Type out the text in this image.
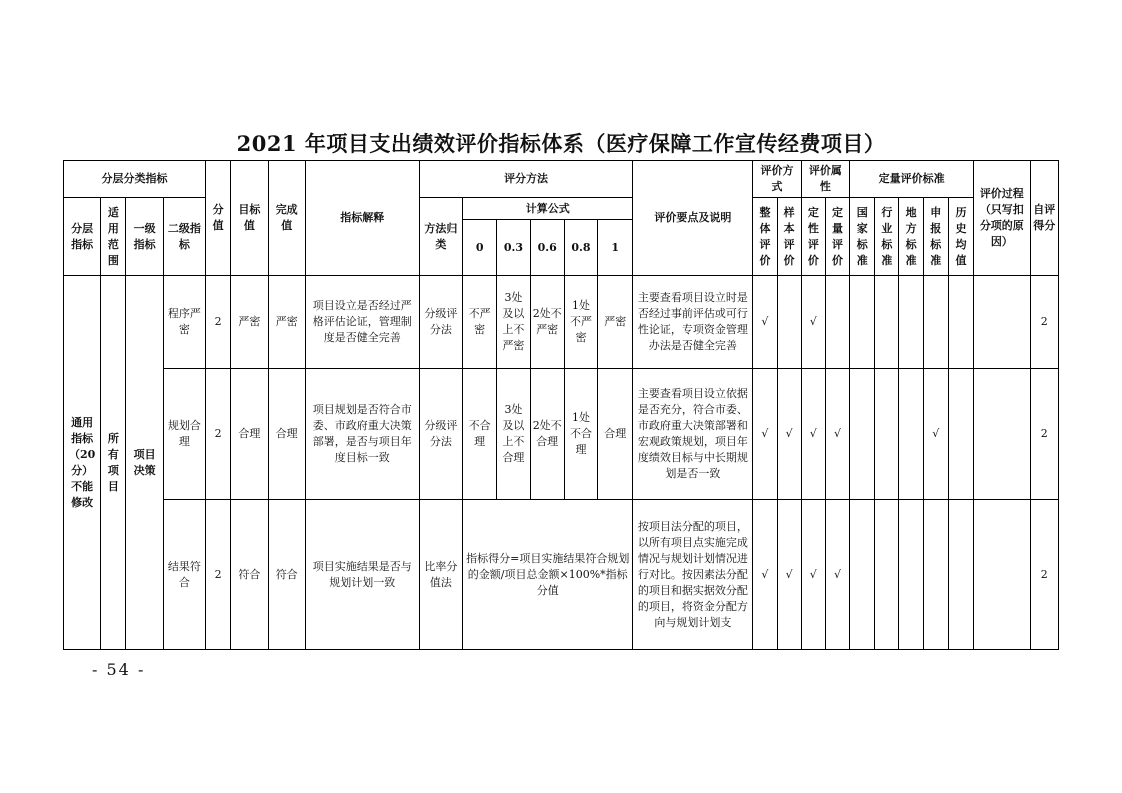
2021 年项目支出绩效评价指标体系（医疗保障工作宣传经费项目）
分层分类指标				分值	目标值	完成值	指标解释	评分方法						评价要点及说明	评价方式		评价属性		定量评价标准					评价过程（只写扣分项的原因）	自评得分
分层指标	适用范围	一级指标	二级指标					方法归类	计算公式						整体评价	样本评价	定性评价	定量评价	国家标准	行业标准	地方标准	申报标准	历史均值		
									0	0.3	0.6	0.8	1												
通用指标（20分）不能修改	所有项目	项目决策	程序严密	2	严密	严密	项目设立是否经过严格评估论证，管理制度是否健全完善	分级评分法	不严密	3处及以上不严密	2处不严密	1处不严密	严密	主要查看项目设立时是否经过事前评估或可行性论证，专项资金管理办法是否健全完善	√		√								2
			规划合理	2	合理	合理	项目规划是否符合市委、市政府重大决策部署，是否与项目年度目标一致	分级评分法	不合理	3处及以上不合理	2处不合理	1处不合理	合理	主要查看项目设立依据是否充分，符合市委、市政府重大决策部署和宏观政策规划，项目年度绩效目标与中长期规划是否一致	√	√	√	√				√			2
			结果符合	2	符合	符合	项目实施结果是否与规划计划一致	比率分值法	指标得分=项目实施结果符合规划的金额/项目总金额×100%*指标分值					按项目法分配的项目，以所有项目点实施完成情况与规划计划情况进行对比。按因素法分配的项目和据实据效分配的项目，将资金分配方向与规划计划支	√	√	√	√							2
- 54 -
